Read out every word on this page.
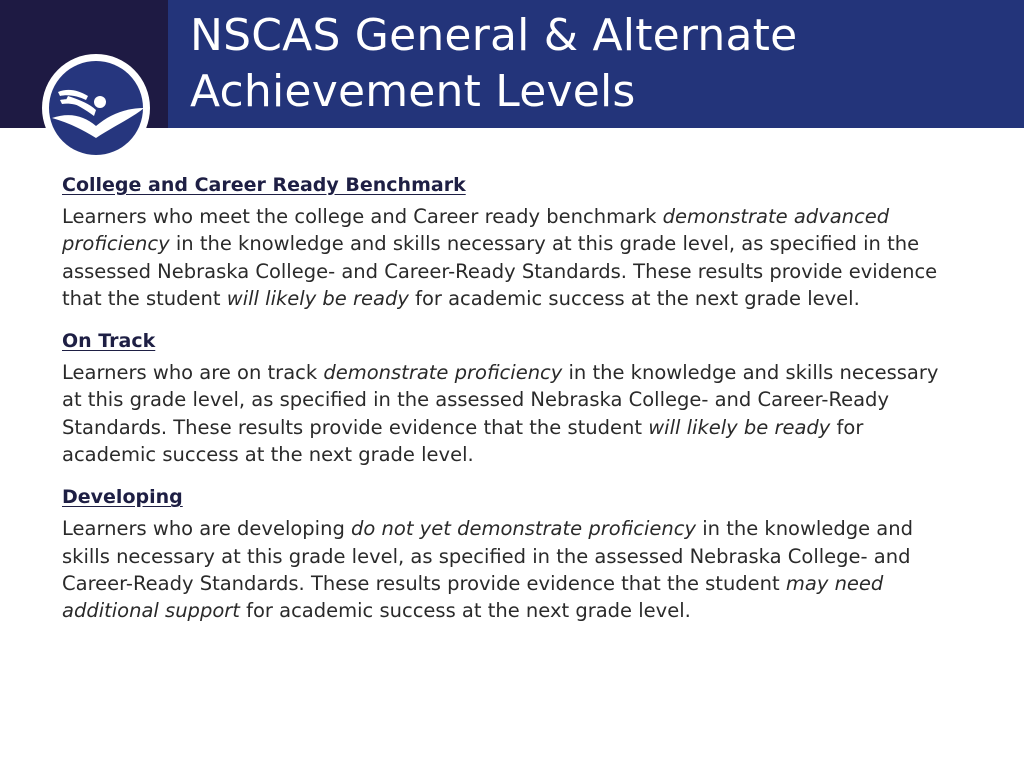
NSCAS General & Alternate
Achievement Levels
College and Career Ready Benchmark

Learners who meet the college and Career ready benchmark demonstrate advanced proficiency in the knowledge and skills necessary at this grade level, as specified in the assessed Nebraska College- and Career-Ready Standards. These results provide evidence that the student will likely be ready for academic success at the next grade level.

On Track

Learners who are on track demonstrate proficiency in the knowledge and skills necessary at this grade level, as specified in the assessed Nebraska College- and Career-Ready Standards. These results provide evidence that the student will likely be ready for academic success at the next grade level.

Developing

Learners who are developing do not yet demonstrate proficiency in the knowledge and skills necessary at this grade level, as specified in the assessed Nebraska College- and Career-Ready Standards. These results provide evidence that the student may need additional support for academic success at the next grade level.
